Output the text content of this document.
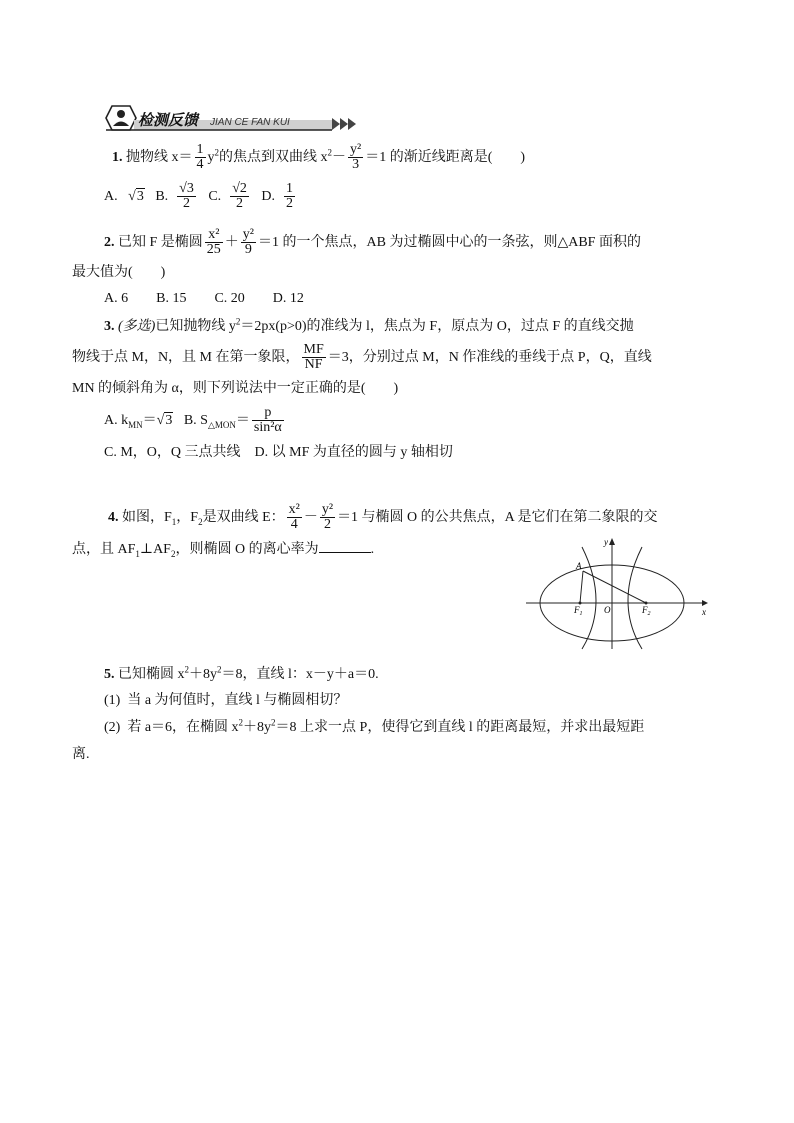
检测反馈 JIAN CE FAN KUI
1. 抛物线 $x= \frac{1}{4} y^2$的焦点到双曲线 $x^2- \frac{\text{y²}}{3} =1$ 的渐近线距离是(　　)
A. √3 B. $\frac{√3}{2} C$. $\frac{√2}{2} D$. $\frac{1}{2}$
2. 已知 F 是椭圆 $\frac{\text{x²}}{25} + \frac{\text{y²}}{9} =1$ 的一个焦点，AB 为过椭圆中心的一条弦，则△ABF 面积的
最大值为(　　)
A. 6　　B. 15　　C. 20　　D. 12
3. (多选)已知抛物线 $y^2=2px(p>0)$的准线为 l，焦点为 F，原点为 O，过点 F 的直线交抛
物线于点 M，N，且 M 在第一象限， $\frac{MF}{NF} =3$，分别过点 M，N 作准线的垂线于点 P，Q，直线
MN 的倾斜角为 α，则下列说法中一定正确的是(　　)
A. $k_{MN}=√3$ B. $S_{\triangle MON}= \frac{p}{\text{sin²α}}$
C. M，O，Q 三点共线　D. 以 MF 为直径的圆与 y 轴相切
4. 如图，$F_1$，$F_2$是双曲线 E： $\frac{\text{x²}}{4} - \frac{\text{y²}}{2} =1$ 与椭圆 O 的公共焦点，A 是它们在第二象限的交
点，且 $AF_1\perp AF_2$，则椭圆 O 的离心率为	.	y
x
A
O
$F_1$	$F_2$
5. 已知椭圆 $x^2+8y^2=8$，直线 l：x－y＋a＝0.
(1)  当 a 为何值时，直线 l 与椭圆相切？
(2)  若 a＝6，在椭圆 $x^2+8y^2=8$ 上求一点 P，使得它到直线 l 的距离最短，并求出最短距
离.
